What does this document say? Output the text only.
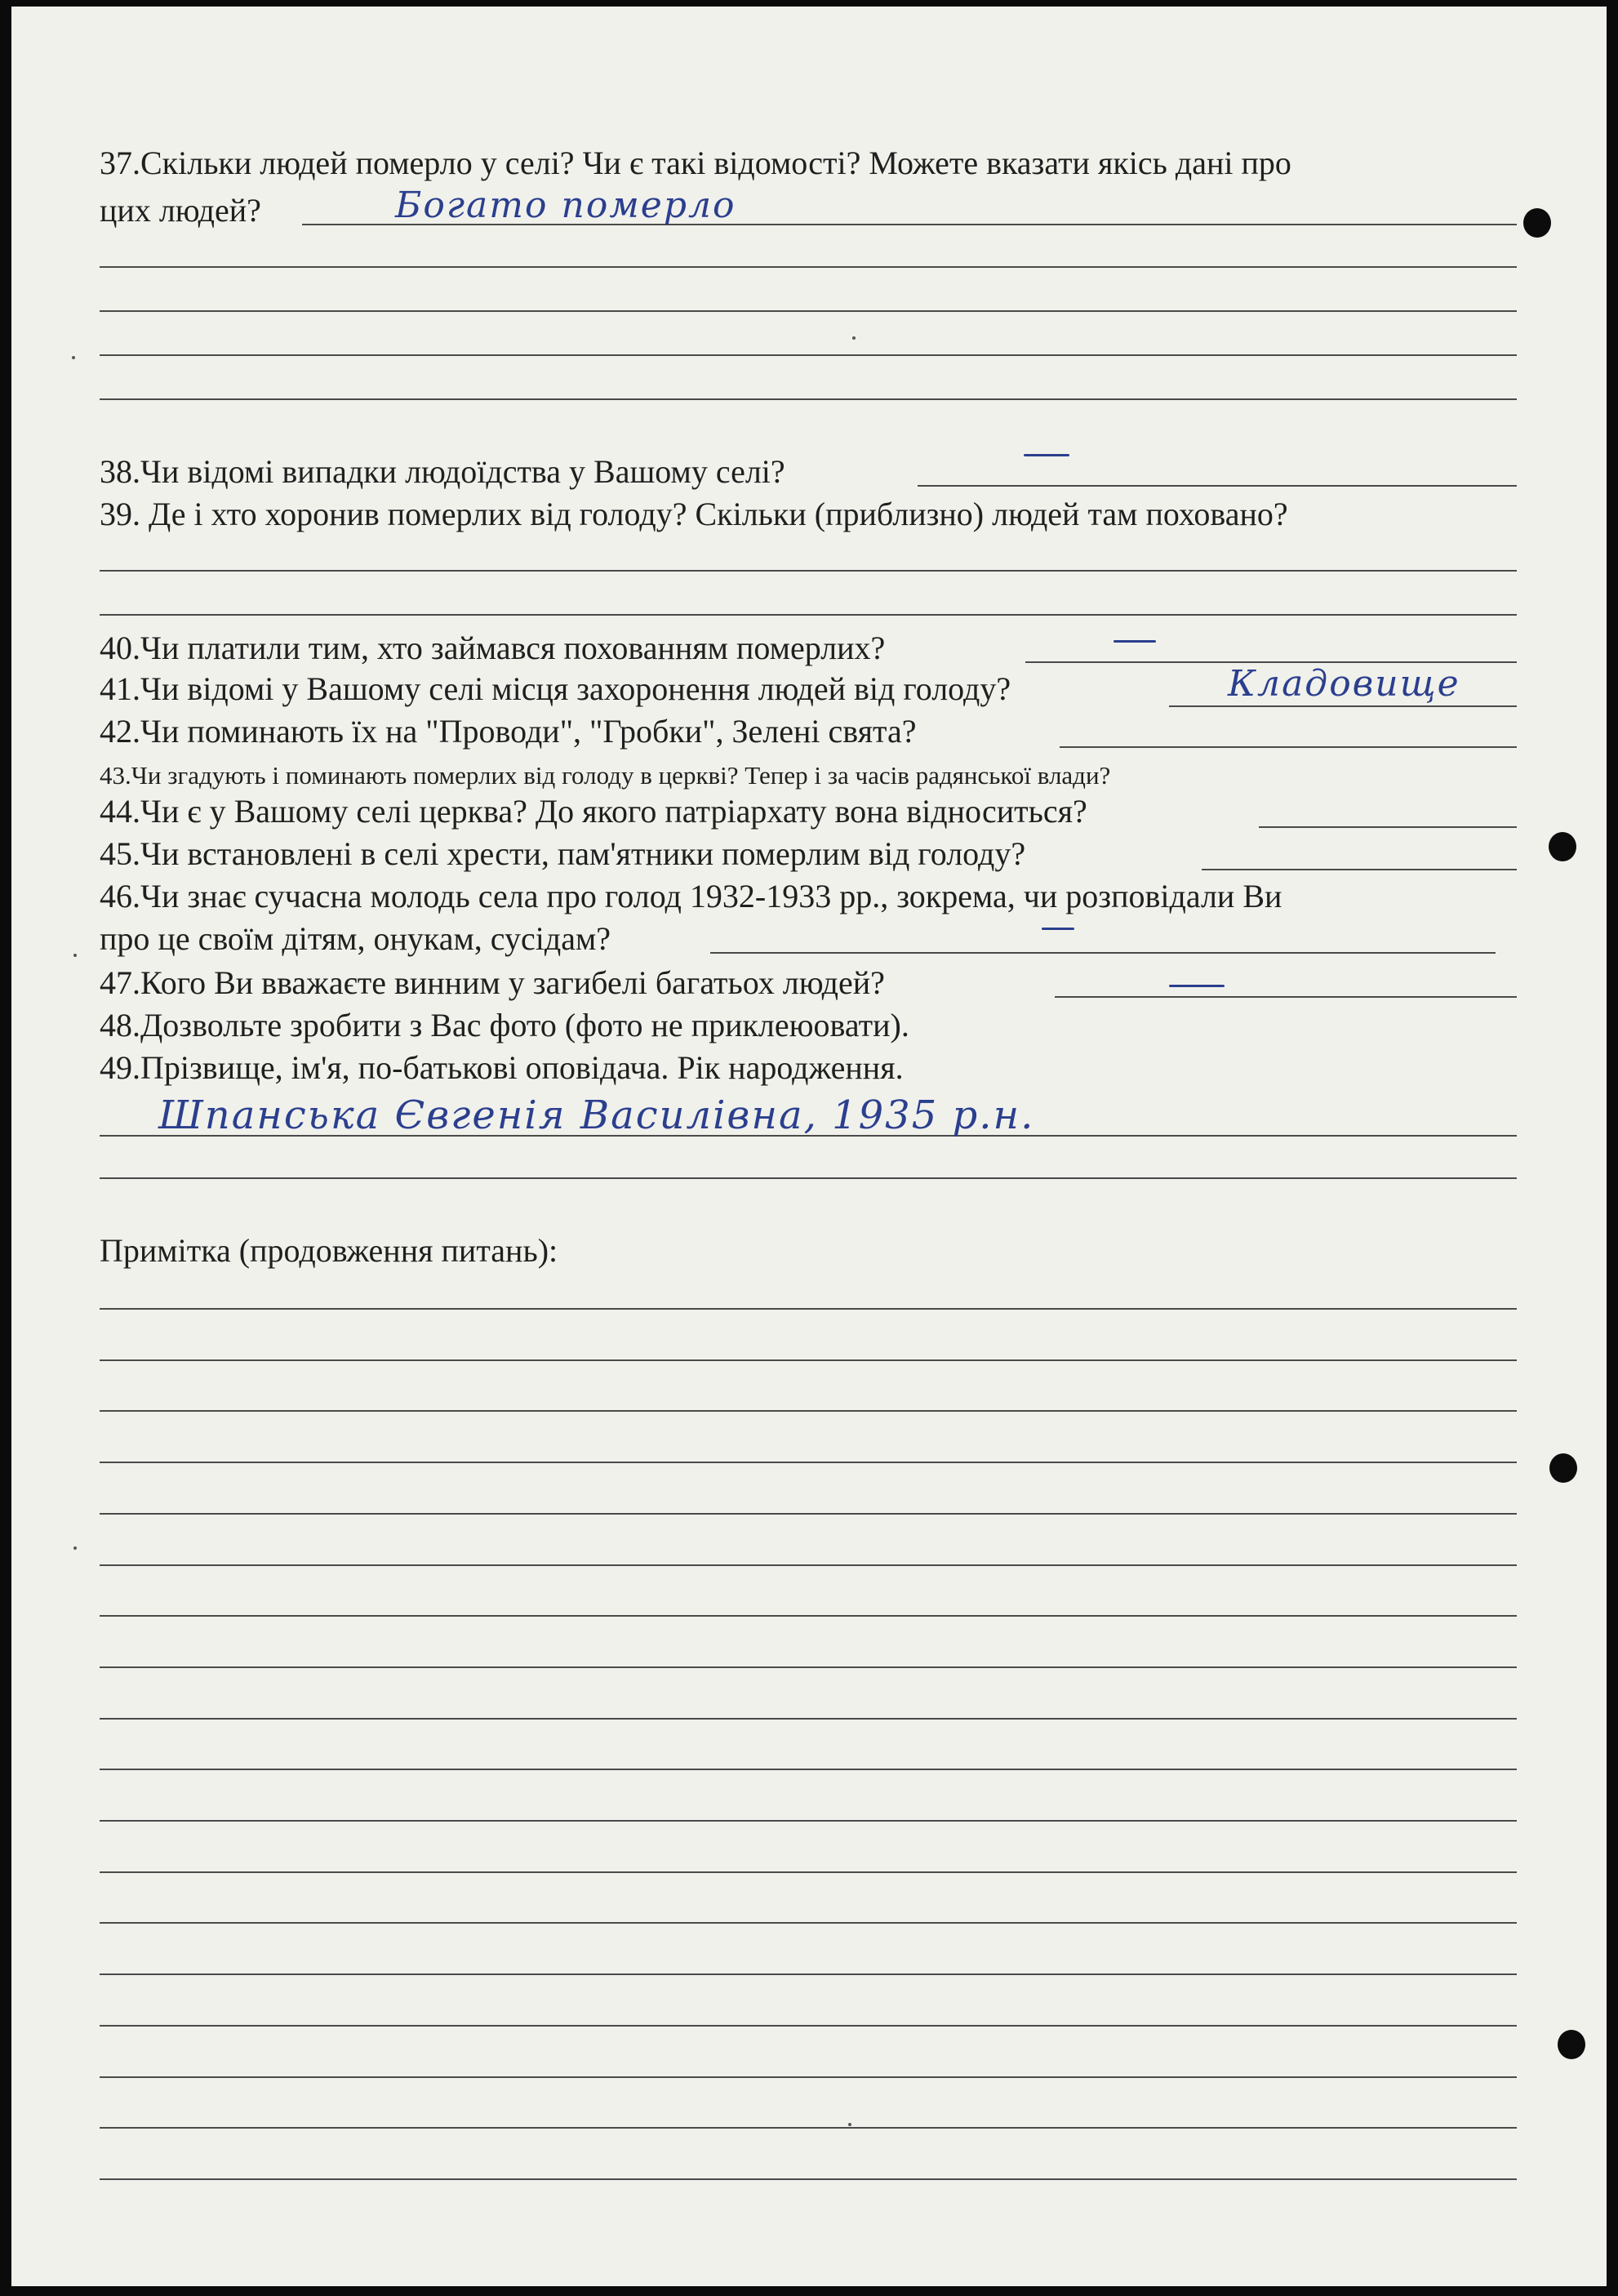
37.Скільки людей померло у селі? Чи є такі відомості? Можете вказати якісь дані про
цих людей?	Богато померло
38.Чи відомі випадки людоїдства у Вашому селі?
39. Де і хто хоронив померлих від голоду? Скільки (приблизно) людей там поховано?
40.Чи платили тим, хто займався похованням померлих?
41.Чи відомі у Вашому селі місця захоронення людей від голоду?	Кладовище
42.Чи поминають їх на "Проводи", "Гробки", Зелені свята?
43.Чи згадують і поминають померлих від голоду в церкві? Тепер і за часів радянської влади?
44.Чи є у Вашому селі церква? До якого патріархату вона відноситься?
45.Чи встановлені в селі хрести, пам'ятники померлим від голоду?
46.Чи знає сучасна молодь села про голод 1932-1933 рр., зокрема, чи розповідали Ви
про це своїм дітям, онукам, сусідам?
47.Кого Ви вважаєте винним у загибелі багатьох людей?
48.Дозвольте зробити з Вас фото (фото не приклеюовати).
49.Прізвище, ім'я, по-батькові оповідача. Рік народження.
Шпанська Євгенія Василівна, 1935 р.н.
Примітка (продовження питань):
